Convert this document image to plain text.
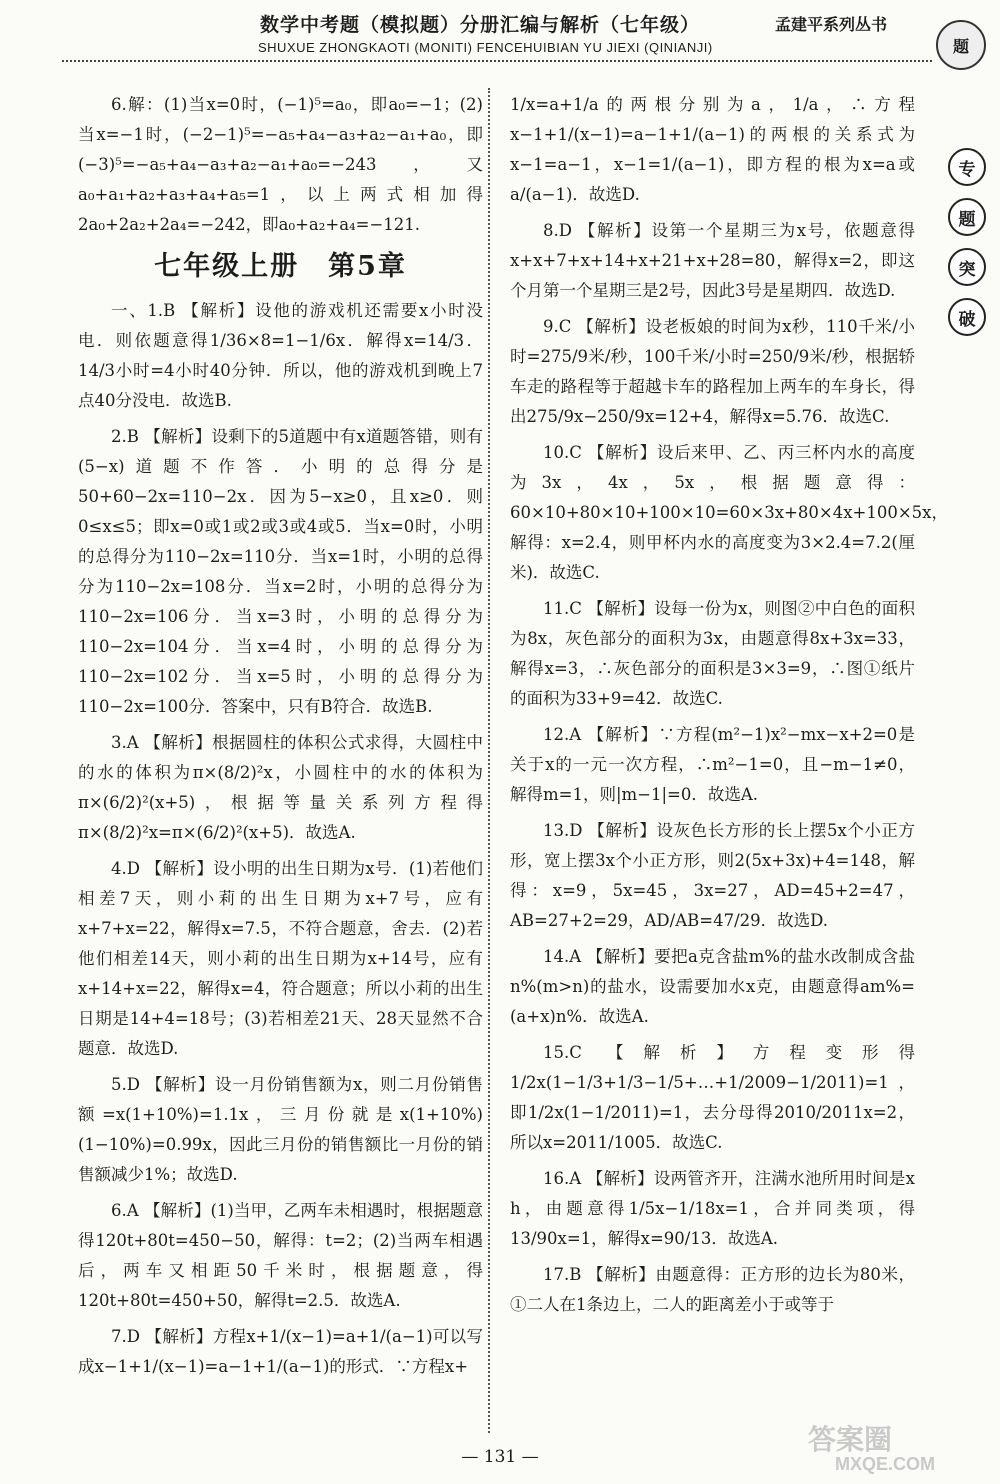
数学中考题（模拟题）分册汇编与解析（七年级）	孟建平系列丛书
SHUXUE ZHONGKAOTI (MONITI) FENCEHUIBIAN YU JIEXI (QINIANJI)	题
专
题
突
破

6.解：(1)当x=0时，(−1)⁵=a₀，即a₀=−1；(2)当x=−1时，(−2−1)⁵=−a₅+a₄−a₃+a₂−a₁+a₀，即(−3)⁵=−a₅+a₄−a₃+a₂−a₁+a₀=−243，又a₀+a₁+a₂+a₃+a₄+a₅=1，以上两式相加得2a₀+2a₂+2a₄=−242，即a₀+a₂+a₄=−121.

七年级上册　第5章

一、1.B 【解析】设他的游戏机还需要x小时没电．则依题意得1/36×8=1−1/6x．解得x=14/3．14/3小时=4小时40分钟．所以，他的游戏机到晚上7点40分没电．故选B.

2.B 【解析】设剩下的5道题中有x道题答错，则有(5−x)道题不作答．小明的总得分是50+60−2x=110−2x．因为5−x≥0，且x≥0．则0≤x≤5；即x=0或1或2或3或4或5．当x=0时，小明的总得分为110−2x=110分．当x=1时，小明的总得分为110−2x=108分．当x=2时，小明的总得分为110−2x=106分．当x=3时，小明的总得分为110−2x=104分．当x=4时，小明的总得分为110−2x=102分．当x=5时，小明的总得分为110−2x=100分．答案中，只有B符合．故选B.

3.A 【解析】根据圆柱的体积公式求得，大圆柱中的水的体积为π×(8/2)²x，小圆柱中的水的体积为π×(6/2)²(x+5)，根据等量关系列方程得π×(8/2)²x=π×(6/2)²(x+5)．故选A.

4.D 【解析】设小明的出生日期为x号．(1)若他们相差7天，则小莉的出生日期为x+7号，应有x+7+x=22，解得x=7.5，不符合题意，舍去．(2)若他们相差14天，则小莉的出生日期为x+14号，应有x+14+x=22，解得x=4，符合题意；所以小莉的出生日期是14+4=18号；(3)若相差21天、28天显然不合题意．故选D.

5.D 【解析】设一月份销售额为x，则二月份销售额=x(1+10%)=1.1x，三月份就是x(1+10%)(1−10%)=0.99x，因此三月份的销售额比一月份的销售额减少1%；故选D.

6.A 【解析】(1)当甲，乙两车未相遇时，根据题意得120t+80t=450−50，解得：t=2；(2)当两车相遇后，两车又相距50千米时，根据题意，得120t+80t=450+50，解得t=2.5．故选A.

7.D 【解析】方程x+1/(x−1)=a+1/(a−1)可以写成x−1+1/(x−1)=a−1+1/(a−1)的形式．∵方程x+

1/x=a+1/a的两根分别为a，1/a，∴方程x−1+1/(x−1)=a−1+1/(a−1)的两根的关系式为x−1=a−1，x−1=1/(a−1)，即方程的根为x=a或a/(a−1)．故选D.

8.D 【解析】设第一个星期三为x号，依题意得x+x+7+x+14+x+21+x+28=80，解得x=2，即这个月第一个星期三是2号，因此3号是星期四．故选D.

9.C 【解析】设老板娘的时间为x秒，110千米/小时=275/9米/秒，100千米/小时=250/9米/秒，根据轿车走的路程等于超越卡车的路程加上两车的车身长，得出275/9x−250/9x=12+4，解得x=5.76．故选C.

10.C 【解析】设后来甲、乙、丙三杯内水的高度为3x，4x，5x，根据题意得：60×10+80×10+100×10=60×3x+80×4x+100×5x，解得：x=2.4，则甲杯内水的高度变为3×2.4=7.2(厘米)．故选C.

11.C 【解析】设每一份为x，则图②中白色的面积为8x，灰色部分的面积为3x，由题意得8x+3x=33，解得x=3，∴灰色部分的面积是3×3=9，∴图①纸片的面积为33+9=42．故选C.

12.A 【解析】∵方程(m²−1)x²−mx−x+2=0是关于x的一元一次方程，∴m²−1=0，且−m−1≠0，解得m=1，则|m−1|=0．故选A.

13.D 【解析】设灰色长方形的长上摆5x个小正方形，宽上摆3x个小正方形，则2(5x+3x)+4=148，解得：x=9，5x=45，3x=27，AD=45+2=47，AB=27+2=29，AD/AB=47/29．故选D.

14.A 【解析】要把a克含盐m%的盐水改制成含盐n%(m>n)的盐水，设需要加水x克，由题意得am%=(a+x)n%．故选A.

15.C 【解析】方程变形得1/2x(1−1/3+1/3−1/5+…+1/2009−1/2011)=1，即1/2x(1−1/2011)=1，去分母得2010/2011x=2，所以x=2011/1005．故选C.

16.A 【解析】设两管齐开，注满水池所用时间是x h，由题意得1/5x−1/18x=1，合并同类项，得13/90x=1，解得x=90/13．故选A.

17.B 【解析】由题意得：正方形的边长为80米，①二人在1条边上，二人的距离差小于或等于

— 131 —
答案圈
MXQE.COM
